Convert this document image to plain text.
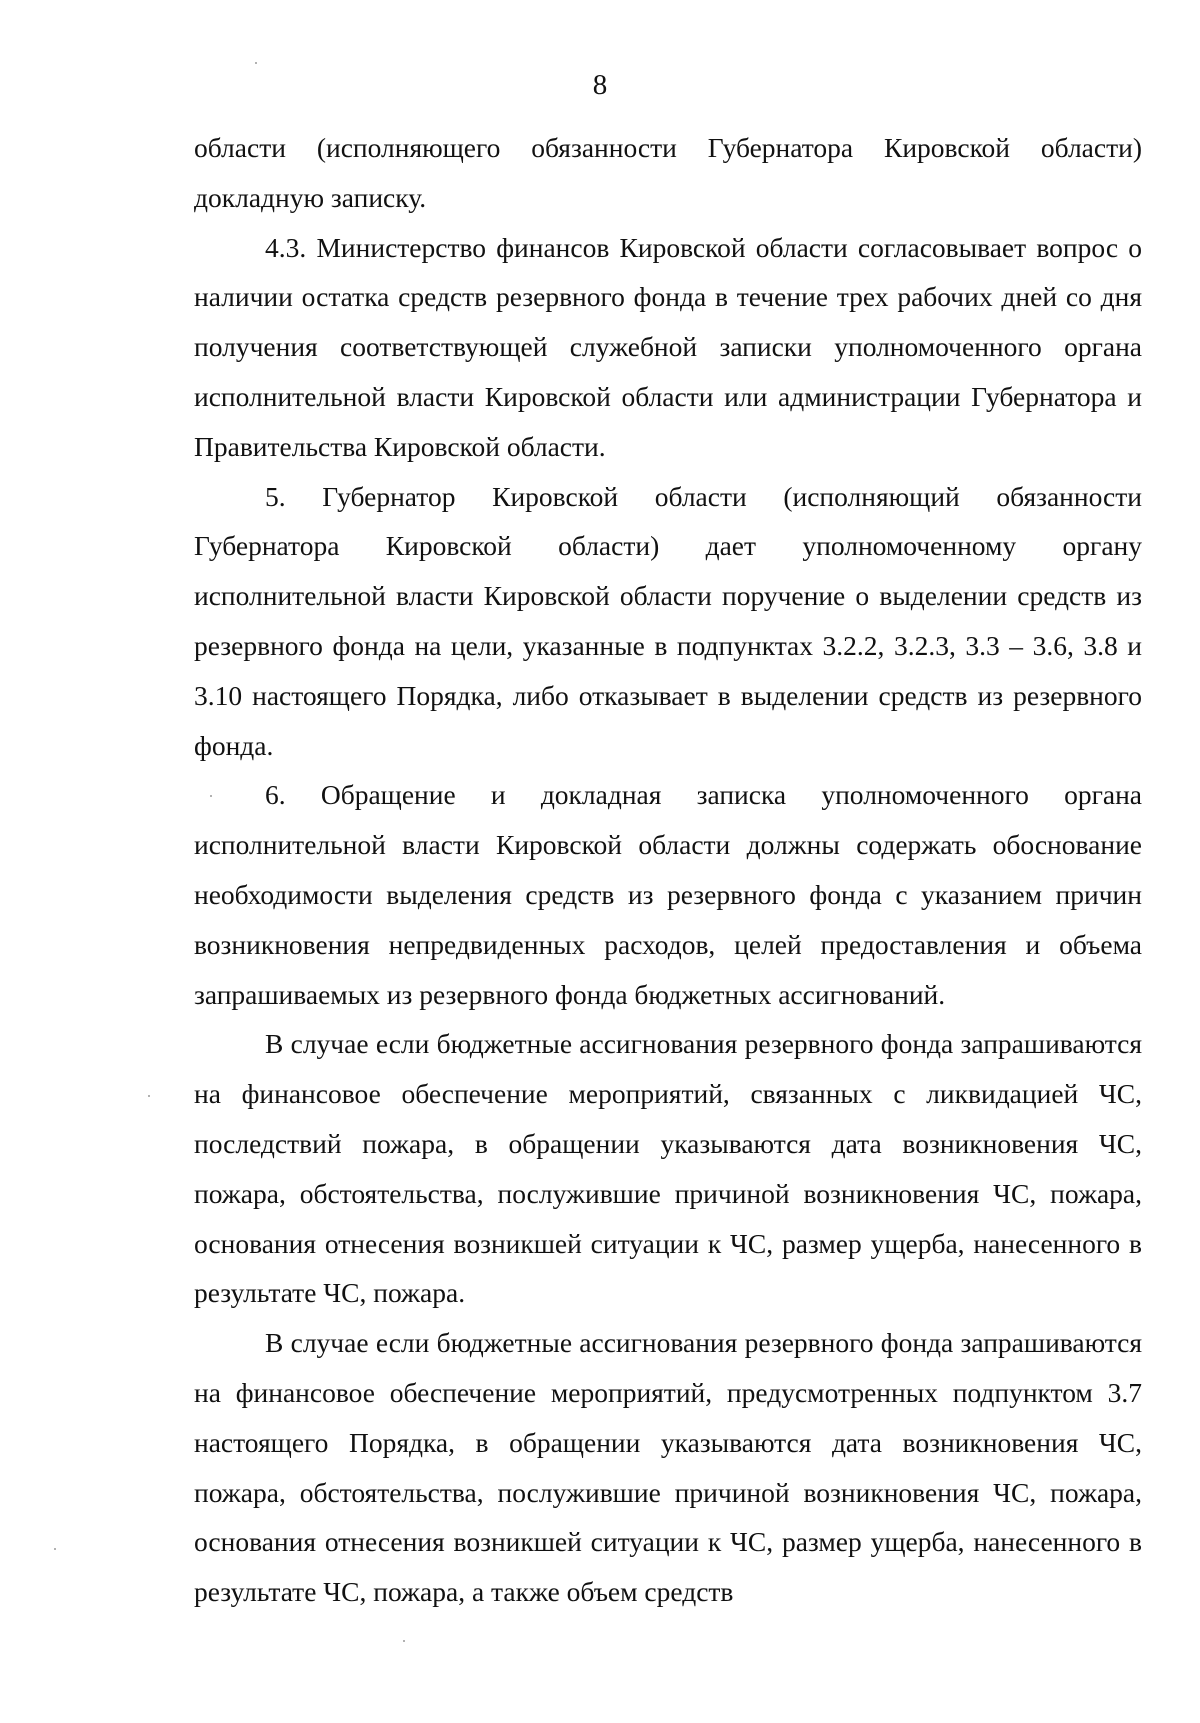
8

области (исполняющего обязанности Губернатора Кировской области) докладную записку.

4.3. Министерство финансов Кировской области согласовывает вопрос о наличии остатка средств резервного фонда в течение трех рабочих дней со дня получения соответствующей служебной записки уполномоченного органа исполнительной власти Кировской области или администрации Губернатора и Правительства Кировской области.

5. Губернатор Кировской области (исполняющий обязанности Губернатора Кировской области) дает уполномоченному органу исполнительной власти Кировской области поручение о выделении средств из резервного фонда на цели, указанные в подпунктах 3.2.2, 3.2.3, 3.3 – 3.6, 3.8 и 3.10 настоящего Порядка, либо отказывает в выделении средств из резервного фонда.

6. Обращение и докладная записка уполномоченного органа исполнительной власти Кировской области должны содержать обоснование необходимости выделения средств из резервного фонда с указанием причин возникновения непредвиденных расходов, целей предоставления и объема запрашиваемых из резервного фонда бюджетных ассигнований.

В случае если бюджетные ассигнования резервного фонда запрашиваются на финансовое обеспечение мероприятий, связанных с ликвидацией ЧС, последствий пожара, в обращении указываются дата возникновения ЧС, пожара, обстоятельства, послужившие причиной возникновения ЧС, пожара, основания отнесения возникшей ситуации к ЧС, размер ущерба, нанесенного в результате ЧС, пожара.

В случае если бюджетные ассигнования резервного фонда запрашиваются на финансовое обеспечение мероприятий, предусмотренных подпунктом 3.7 настоящего Порядка, в обращении указываются дата возникновения ЧС, пожара, обстоятельства, послужившие причиной возникновения ЧС, пожара, основания отнесения возникшей ситуации к ЧС, размер ущерба, нанесенного в результате ЧС, пожара, а также объем средств
